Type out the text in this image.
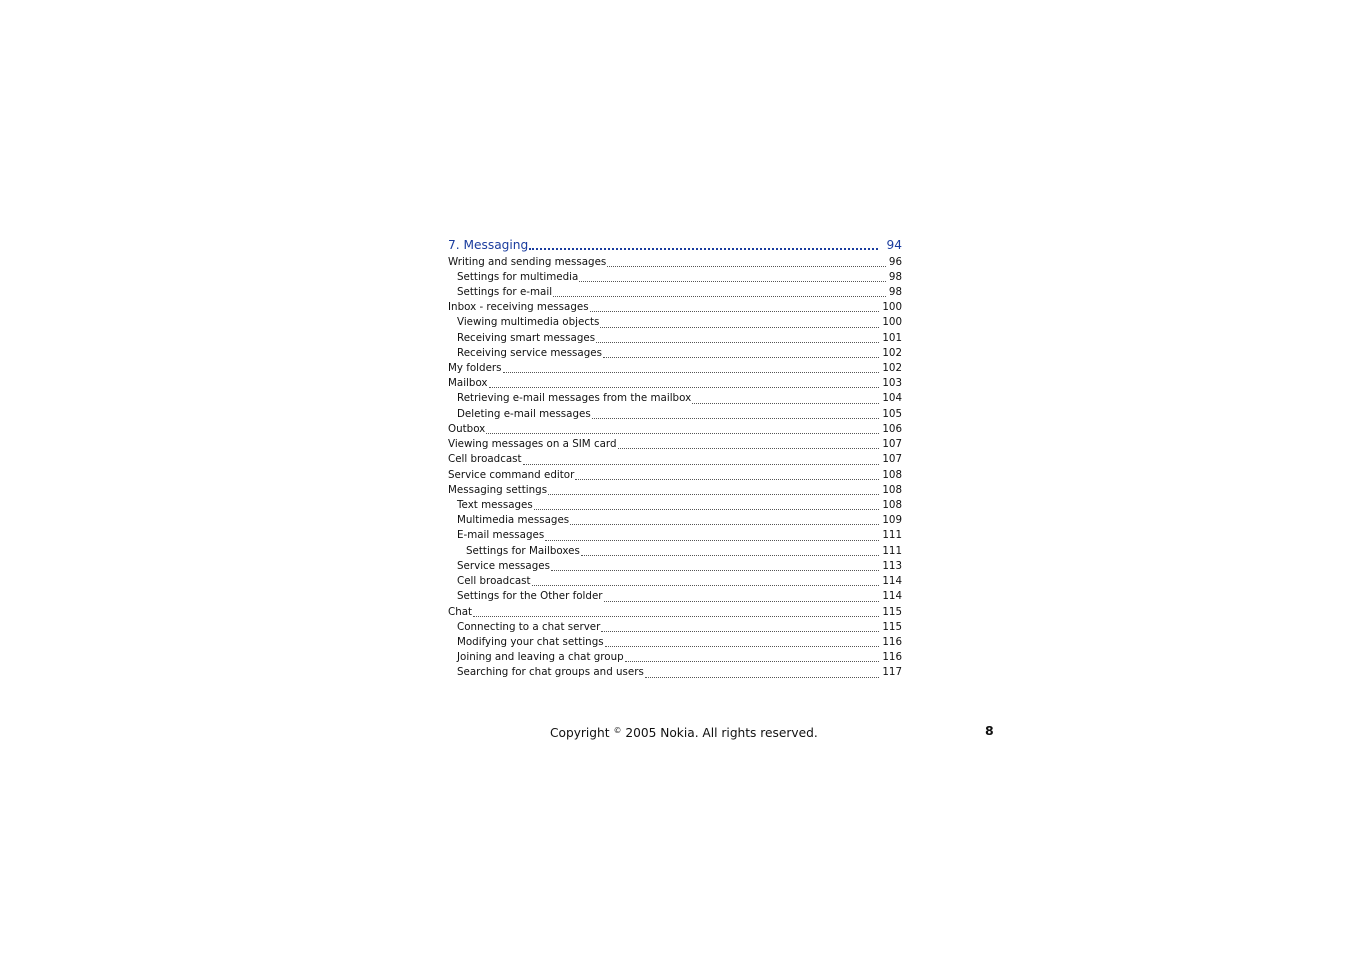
7. Messaging	94
Writing and sending messages	96
Settings for multimedia	98
Settings for e-mail	98
Inbox - receiving messages	100
Viewing multimedia objects	100
Receiving smart messages	101
Receiving service messages	102
My folders	102
Mailbox	103
Retrieving e-mail messages from the mailbox	104
Deleting e-mail messages	105
Outbox	106
Viewing messages on a SIM card	107
Cell broadcast	107
Service command editor	108
Messaging settings	108
Text messages	108
Multimedia messages	109
E-mail messages	111
Settings for Mailboxes	111
Service messages	113
Cell broadcast	114
Settings for the Other folder	114
Chat	115
Connecting to a chat server	115
Modifying your chat settings	116
Joining and leaving a chat group	116
Searching for chat groups and users	117
Copyright © 2005 Nokia. All rights reserved.	8
